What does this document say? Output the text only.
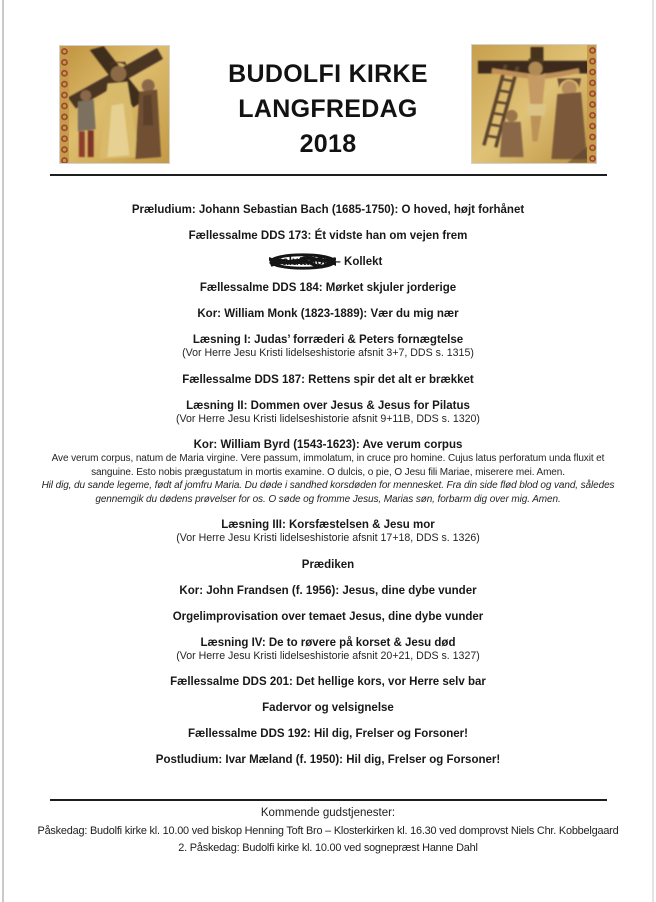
BUDOLFI KIRKE
LANGFREDAG
2018
Præludium: Johann Sebastian Bach (1685-1750): O hoved, højt forhånet
Fællessalme DDS 173: Ét vidste han om vejen frem
Salutation – Kollekt
Fællessalme DDS 184: Mørket skjuler jorderige
Kor: William Monk (1823-1889): Vær du mig nær
Læsning I: Judas’ forræderi & Peters fornægtelse
(Vor Herre Jesu Kristi lidelseshistorie afsnit 3+7, DDS s. 1315)
Fællessalme DDS 187: Rettens spir det alt er brækket
Læsning II: Dommen over Jesus & Jesus for Pilatus
(Vor Herre Jesu Kristi lidelseshistorie afsnit 9+11B, DDS s. 1320)
Kor: William Byrd (1543-1623): Ave verum corpus
Ave verum corpus, natum de Maria virgine. Vere passum, immolatum, in cruce pro homine. Cujus latus perforatum unda fluxit et sanguine. Esto nobis prægustatum in mortis examine. O dulcis, o pie, O Jesu fili Mariae, miserere mei. Amen.
Hil dig, du sande legeme, født af jomfru Maria. Du døde i sandhed korsdøden for mennesket. Fra din side flød blod og vand, således gennemgik du dødens prøvelser for os. O søde og fromme Jesus, Marias søn, forbarm dig over mig. Amen.
Læsning III: Korsfæstelsen & Jesu mor
(Vor Herre Jesu Kristi lidelseshistorie afsnit 17+18, DDS s. 1326)
Prædiken
Kor: John Frandsen (f. 1956): Jesus, dine dybe vunder
Orgelimprovisation over temaet Jesus, dine dybe vunder
Læsning IV: De to røvere på korset & Jesu død
(Vor Herre Jesu Kristi lidelseshistorie afsnit 20+21, DDS s. 1327)
Fællessalme DDS 201: Det hellige kors, vor Herre selv bar
Fadervor og velsignelse
Fællessalme DDS 192: Hil dig, Frelser og Forsoner!
Postludium: Ivar Mæland (f. 1950): Hil dig, Frelser og Forsoner!
Kommende gudstjenester:
Påskedag: Budolfi kirke kl. 10.00 ved biskop Henning Toft Bro – Klosterkirken kl. 16.30 ved domprovst Niels Chr. Kobbelgaard
2. Påskedag: Budolfi kirke kl. 10.00 ved sognepræst Hanne Dahl
